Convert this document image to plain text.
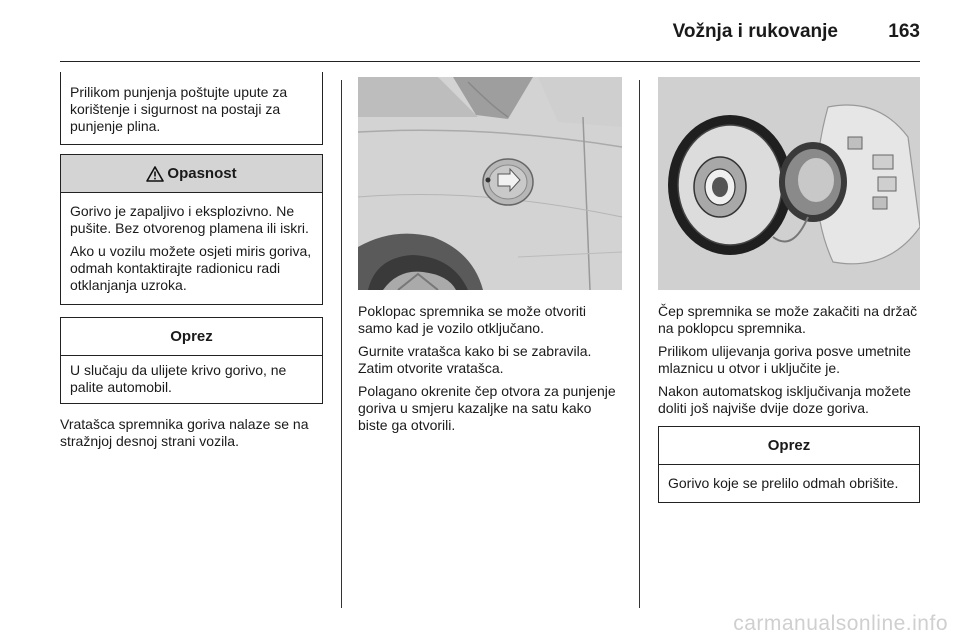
Vožnja i rukovanje	163
Prilikom punjenja poštujte upute za korištenje i sigurnost na postaji za punjenje plina.
Opasnost

Gorivo je zapaljivo i eksplozivno. Ne pušite. Bez otvorenog plamena ili iskri.

Ako u vozilu možete osjeti miris goriva, odmah kontaktirajte radionicu radi otklanjanja uzroka.

Oprez
U slučaju da ulijete krivo gorivo, ne palite automobil.

Vratašca spremnika goriva nalaze se na stražnjoj desnoj strani vozila.

Poklopac spremnika se može otvoriti samo kad je vozilo otključano.

Gurnite vratašca kako bi se zabravila. Zatim otvorite vratašca.

Polagano okrenite čep otvora za punjenje goriva u smjeru kazaljke na satu kako biste ga otvorili.

Čep spremnika se može zakačiti na držač na poklopcu spremnika.

Prilikom ulijevanja goriva posve umetnite mlaznicu u otvor i uključite je.

Nakon automatskog isključivanja možete doliti još najviše dvije doze goriva.

Oprez
Gorivo koje se prelilo odmah obrišite.
carmanualsonline.info
